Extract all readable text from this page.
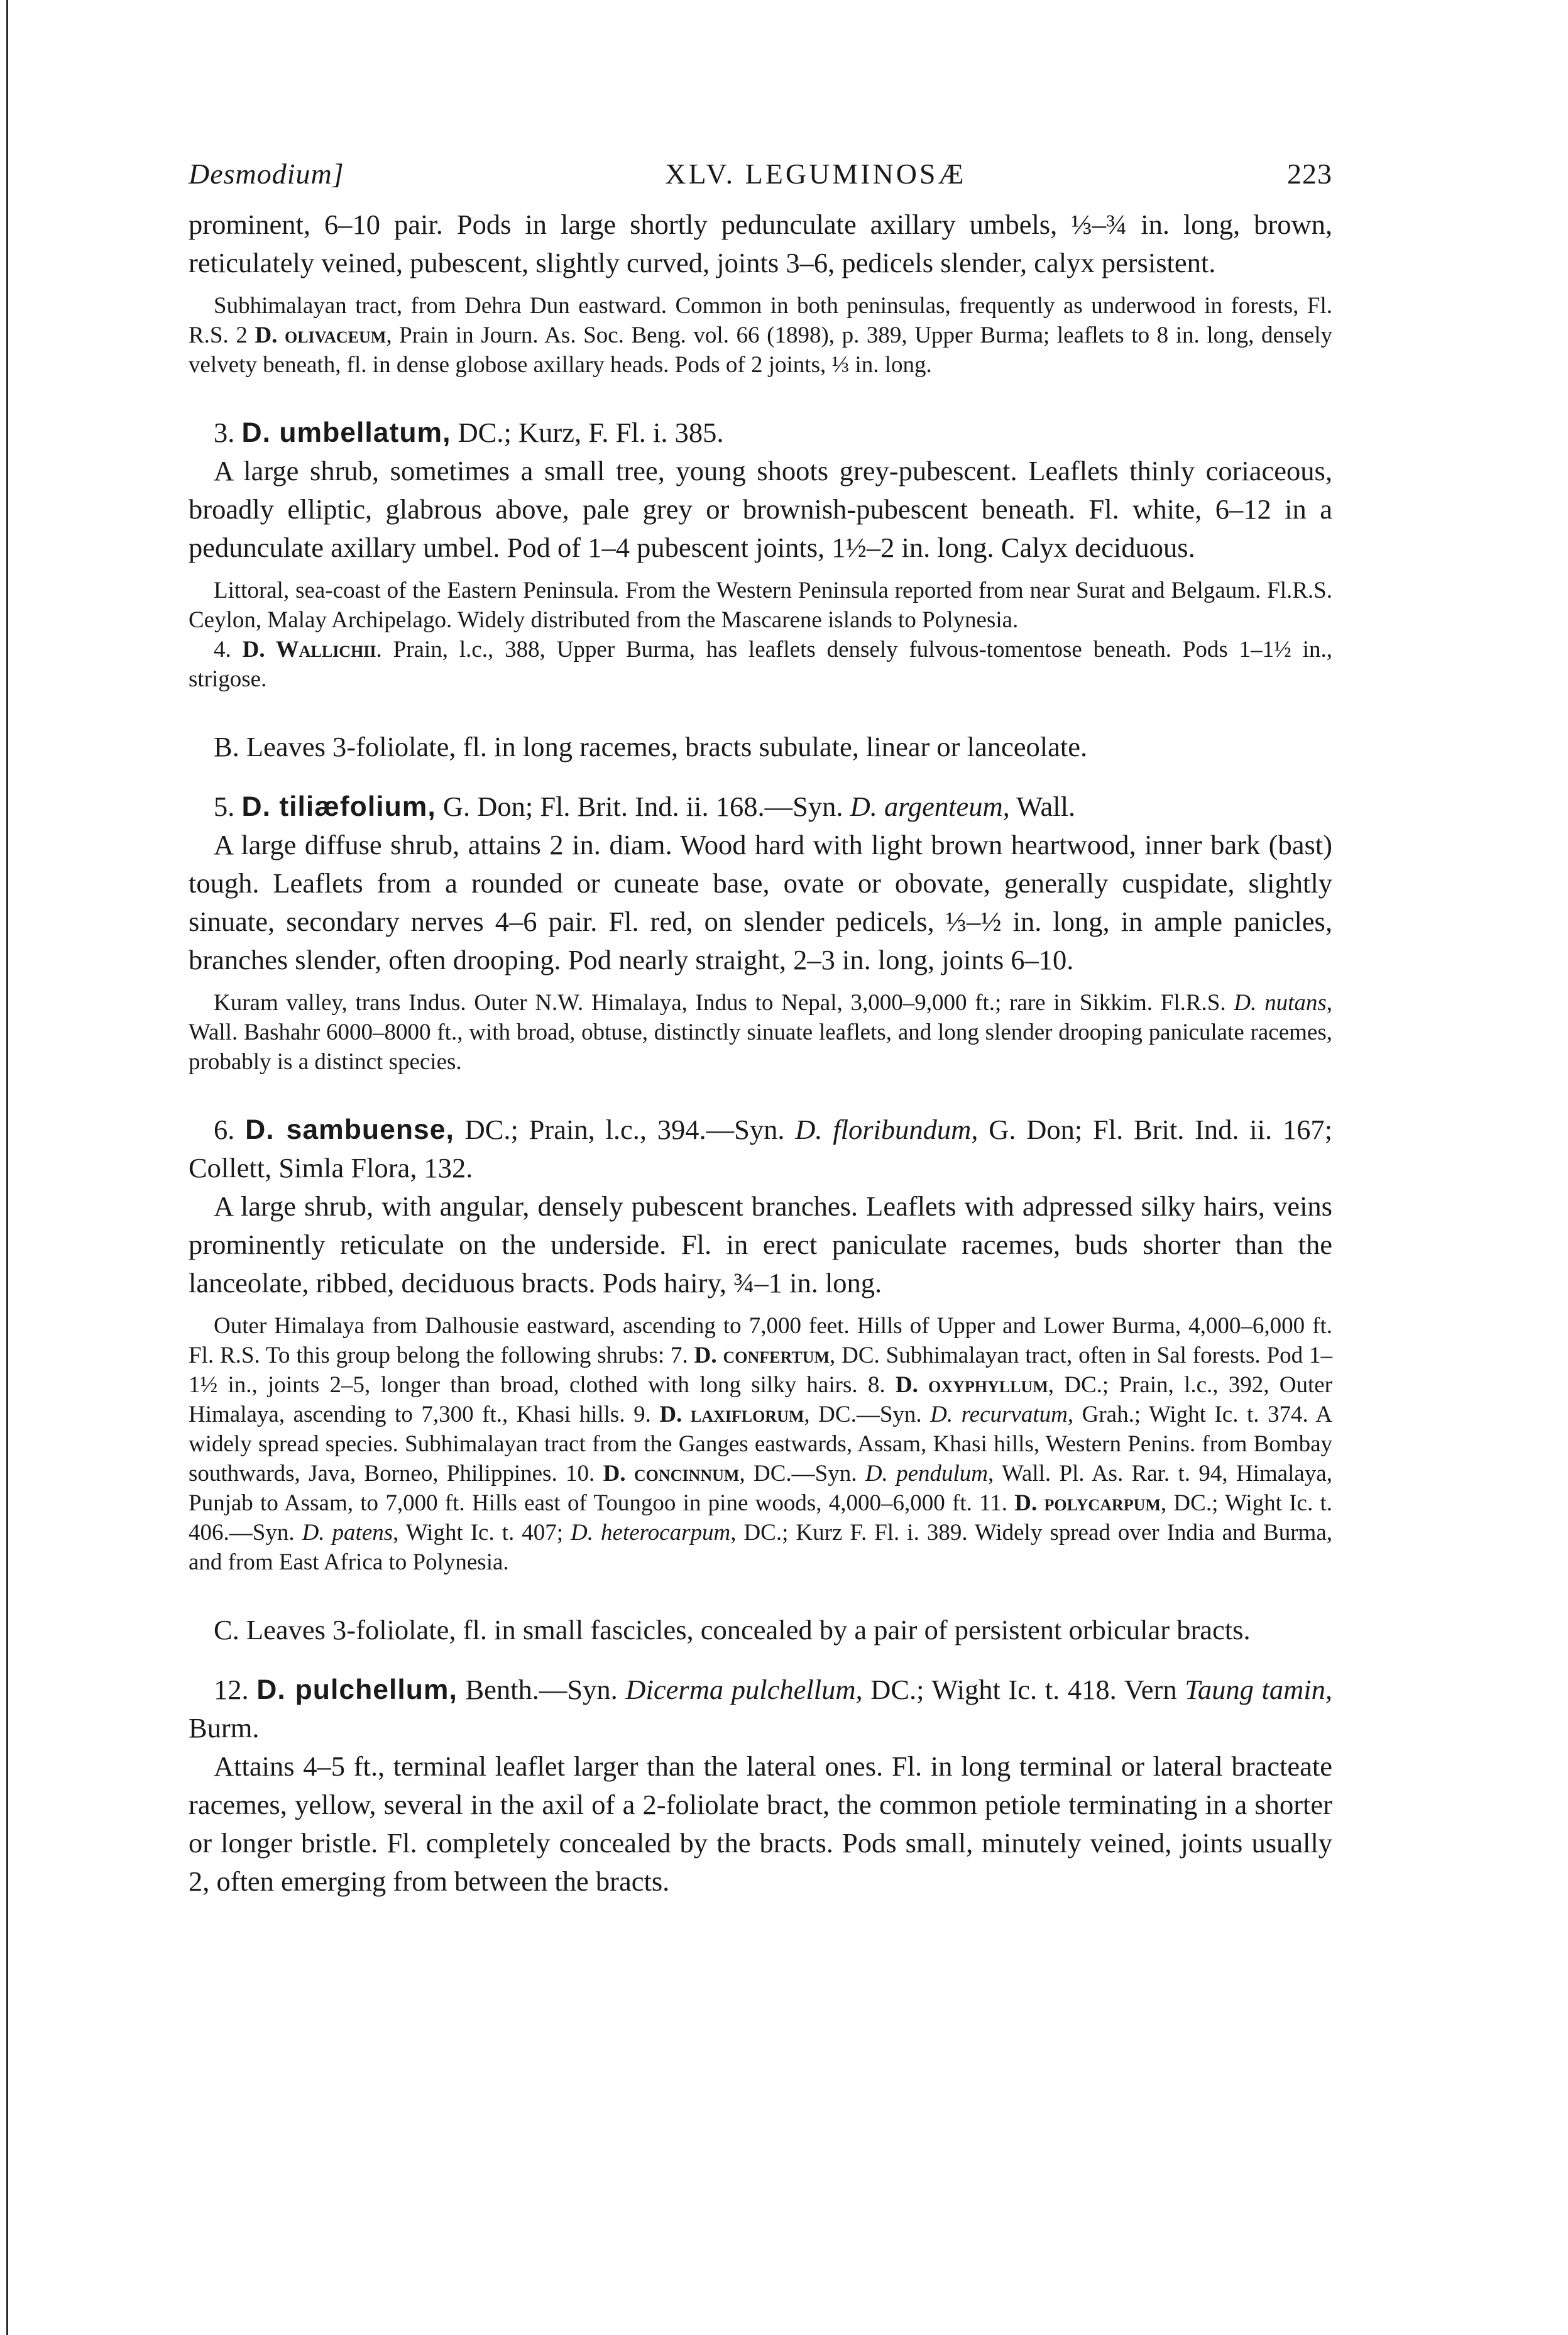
Desmodium]	XLV. LEGUMINOSÆ	223

prominent, 6–10 pair. Pods in large shortly pedunculate axillary umbels, ⅓–¾ in. long, brown, reticulately veined, pubescent, slightly curved, joints 3–6, pedicels slender, calyx persistent.

Subhimalayan tract, from Dehra Dun eastward. Common in both peninsulas, frequently as underwood in forests, Fl. R.S. 2 D. olivaceum, Prain in Journ. As. Soc. Beng. vol. 66 (1898), p. 389, Upper Burma; leaflets to 8 in. long, densely velvety beneath, fl. in dense globose axillary heads. Pods of 2 joints, ⅓ in. long.

3. D. umbellatum, DC.; Kurz, F. Fl. i. 385.

A large shrub, sometimes a small tree, young shoots grey-pubescent. Leaflets thinly coriaceous, broadly elliptic, glabrous above, pale grey or brownish-pubescent beneath. Fl. white, 6–12 in a pedunculate axillary umbel. Pod of 1–4 pubescent joints, 1½–2 in. long. Calyx deciduous.

Littoral, sea-coast of the Eastern Peninsula. From the Western Peninsula reported from near Surat and Belgaum. Fl.R.S. Ceylon, Malay Archipelago. Widely distributed from the Mascarene islands to Polynesia.

4. D. Wallichii. Prain, l.c., 388, Upper Burma, has leaflets densely fulvous-tomentose beneath. Pods 1–1½ in., strigose.

B. Leaves 3-foliolate, fl. in long racemes, bracts subulate, linear or lanceolate.

5. D. tiliæfolium, G. Don; Fl. Brit. Ind. ii. 168.—Syn. D. argenteum, Wall.

A large diffuse shrub, attains 2 in. diam. Wood hard with light brown heartwood, inner bark (bast) tough. Leaflets from a rounded or cuneate base, ovate or obovate, generally cuspidate, slightly sinuate, secondary nerves 4–6 pair. Fl. red, on slender pedicels, ⅓–½ in. long, in ample panicles, branches slender, often drooping. Pod nearly straight, 2–3 in. long, joints 6–10.

Kuram valley, trans Indus. Outer N.W. Himalaya, Indus to Nepal, 3,000–9,000 ft.; rare in Sikkim. Fl.R.S. D. nutans, Wall. Bashahr 6000–8000 ft., with broad, obtuse, distinctly sinuate leaflets, and long slender drooping paniculate racemes, probably is a distinct species.

6. D. sambuense, DC.; Prain, l.c., 394.—Syn. D. floribundum, G. Don; Fl. Brit. Ind. ii. 167; Collett, Simla Flora, 132.

A large shrub, with angular, densely pubescent branches. Leaflets with adpressed silky hairs, veins prominently reticulate on the underside. Fl. in erect paniculate racemes, buds shorter than the lanceolate, ribbed, deciduous bracts. Pods hairy, ¾–1 in. long.

Outer Himalaya from Dalhousie eastward, ascending to 7,000 feet. Hills of Upper and Lower Burma, 4,000–6,000 ft. Fl. R.S. To this group belong the following shrubs: 7. D. confertum, DC. Subhimalayan tract, often in Sal forests. Pod 1–1½ in., joints 2–5, longer than broad, clothed with long silky hairs. 8. D. oxyphyllum, DC.; Prain, l.c., 392, Outer Himalaya, ascending to 7,300 ft., Khasi hills. 9. D. laxiflorum, DC.—Syn. D. recurvatum, Grah.; Wight Ic. t. 374. A widely spread species. Subhimalayan tract from the Ganges eastwards, Assam, Khasi hills, Western Penins. from Bombay southwards, Java, Borneo, Philippines. 10. D. concinnum, DC.—Syn. D. pendulum, Wall. Pl. As. Rar. t. 94, Himalaya, Punjab to Assam, to 7,000 ft. Hills east of Toungoo in pine woods, 4,000–6,000 ft. 11. D. polycarpum, DC.; Wight Ic. t. 406.—Syn. D. patens, Wight Ic. t. 407; D. heterocarpum, DC.; Kurz F. Fl. i. 389. Widely spread over India and Burma, and from East Africa to Polynesia.

C. Leaves 3-foliolate, fl. in small fascicles, concealed by a pair of persistent orbicular bracts.

12. D. pulchellum, Benth.—Syn. Dicerma pulchellum, DC.; Wight Ic. t. 418. Vern Taung tamin, Burm.

Attains 4–5 ft., terminal leaflet larger than the lateral ones. Fl. in long terminal or lateral bracteate racemes, yellow, several in the axil of a 2-foliolate bract, the common petiole terminating in a shorter or longer bristle. Fl. completely concealed by the bracts. Pods small, minutely veined, joints usually 2, often emerging from between the bracts.
